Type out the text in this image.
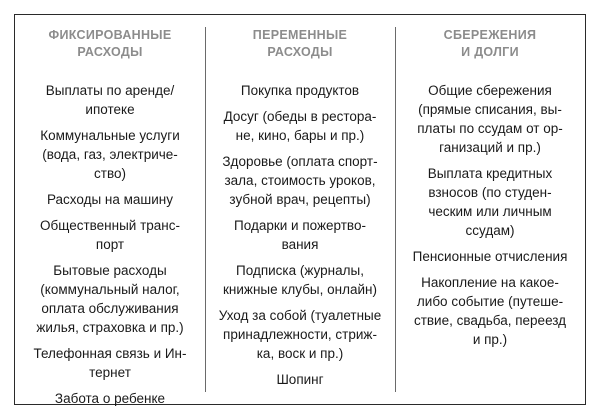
ФИКСИРОВАННЫЕ
РАСХОДЫ
Выплаты по аренде/
ипотеке
Коммунальные услуги
(вода, газ, электриче-
ство)
Расходы на машину
Общественный транс-
порт
Бытовые расходы
(коммунальный налог,
оплата обслуживания
жилья, страховка и пр.)
Телефонная связь и Ин-
тернет
Забота о ребенке
ПЕРЕМЕННЫЕ
РАСХОДЫ
Покупка продуктов
Досуг (обеды в рестора-
не, кино, бары и пр.)
Здоровье (оплата спорт-
зала, стоимость уроков,
зубной врач, рецепты)
Подарки и пожертво-
вания
Подписка (журналы,
книжные клубы, онлайн)
Уход за собой (туалетные
принадлежности, стриж-
ка, воск и пр.)
Шопинг
СБЕРЕЖЕНИЯ
И ДОЛГИ
Общие сбережения
(прямые списания, вы-
платы по ссудам от ор-
ганизаций и пр.)
Выплата кредитных
взносов (по студен-
ческим или личным
ссудам)
Пенсионные отчисления
Накопление на какое-
либо событие (путеше-
ствие, свадьба, переезд
и пр.)
